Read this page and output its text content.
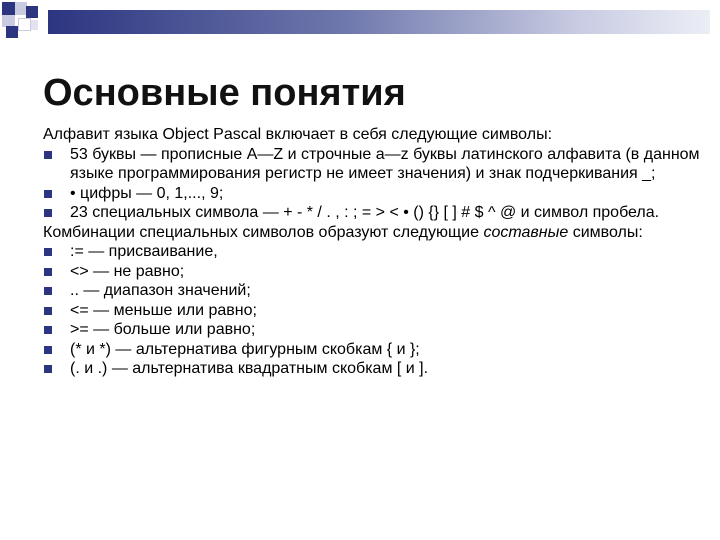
Основные понятия

Алфавит языка Object Pascal включает в себя следующие символы:

53 буквы — прописные A—Z и строчные a—z буквы латинского алфавита (в данном языке программирования регистр не имеет значения) и знак подчеркивания _;
• цифры — 0, 1,..., 9;
23 специальных символа — + - * / . , : ; = > < • () {} [ ] # $ ^ @ и символ пробела.

Комбинации специальных символов образуют следующие составные символы:

:= — присваивание,
<> — не равно;
.. — диапазон значений;
<= — меньше или равно;
>= — больше или равно;
(* и *) — альтернатива фигурным скобкам { и };
(. и .) — альтернатива квадратным скобкам [ и ].
